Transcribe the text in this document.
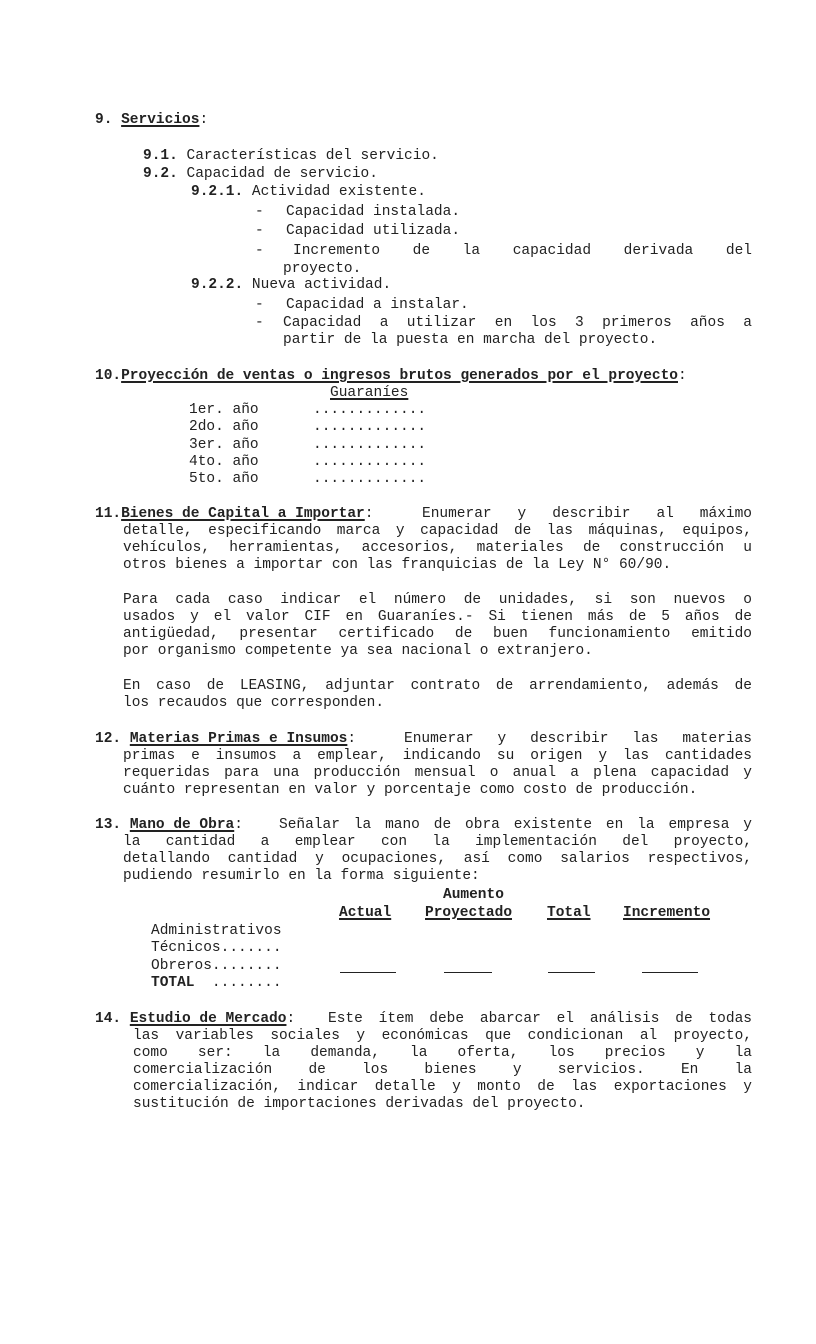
9. Servicios:
9.1. Características del servicio.
9.2. Capacidad de servicio.
9.2.1. Actividad existente.
- Capacidad instalada.
- Capacidad utilizada.
- Incremento de la capacidad derivada del
proyecto.
9.2.2. Nueva actividad.
- Capacidad a instalar.
- Capacidad a utilizar en los 3 primeros años a
partir de la puesta en marcha del proyecto.
10.Proyección de ventas o ingresos brutos generados por el proyecto:
Guaraníes
1er. año	.............
2do. año	.............
3er. año	.............
4to. año	.............
5to. año	.............
11.Bienes de Capital a Importar:	Enumerar y describir al máximo
detalle, especificando marca y capacidad de las máquinas, equipos,
vehículos, herramientas, accesorios, materiales de construcción u
otros bienes a importar con las franquicias de la Ley N° 60/90.
Para cada caso indicar el número de unidades, si son nuevos o
usados y el valor CIF en Guaraníes.- Si tienen más de 5 años de
antigüedad, presentar certificado de buen funcionamiento emitido
por organismo competente ya sea nacional o extranjero.
En caso de LEASING, adjuntar contrato de arrendamiento, además de
los recaudos que corresponden.
12. Materias Primas e Insumos:	Enumerar y describir las materias
primas e insumos a emplear, indicando su origen y las cantidades
requeridas para una producción mensual o anual a plena capacidad y
cuánto representan en valor y porcentaje como costo de producción.
13. Mano de Obra: Señalar la mano de obra existente en la empresa y
la cantidad a emplear con la implementación del proyecto,
detallando cantidad y ocupaciones, así como salarios respectivos,
pudiendo resumirlo en la forma siguiente:
Aumento
Actual Proyectado Total Incremento
Administrativos
Técnicos.......
Obreros........
TOTAL ........
14. Estudio de Mercado: Este ítem debe abarcar el análisis de todas
las variables sociales y económicas que condicionan al proyecto,
como ser: la demanda, la oferta, los precios y la
comercialización de los bienes y servicios. En la
comercialización, indicar detalle y monto de las exportaciones y
sustitución de importaciones derivadas del proyecto.
